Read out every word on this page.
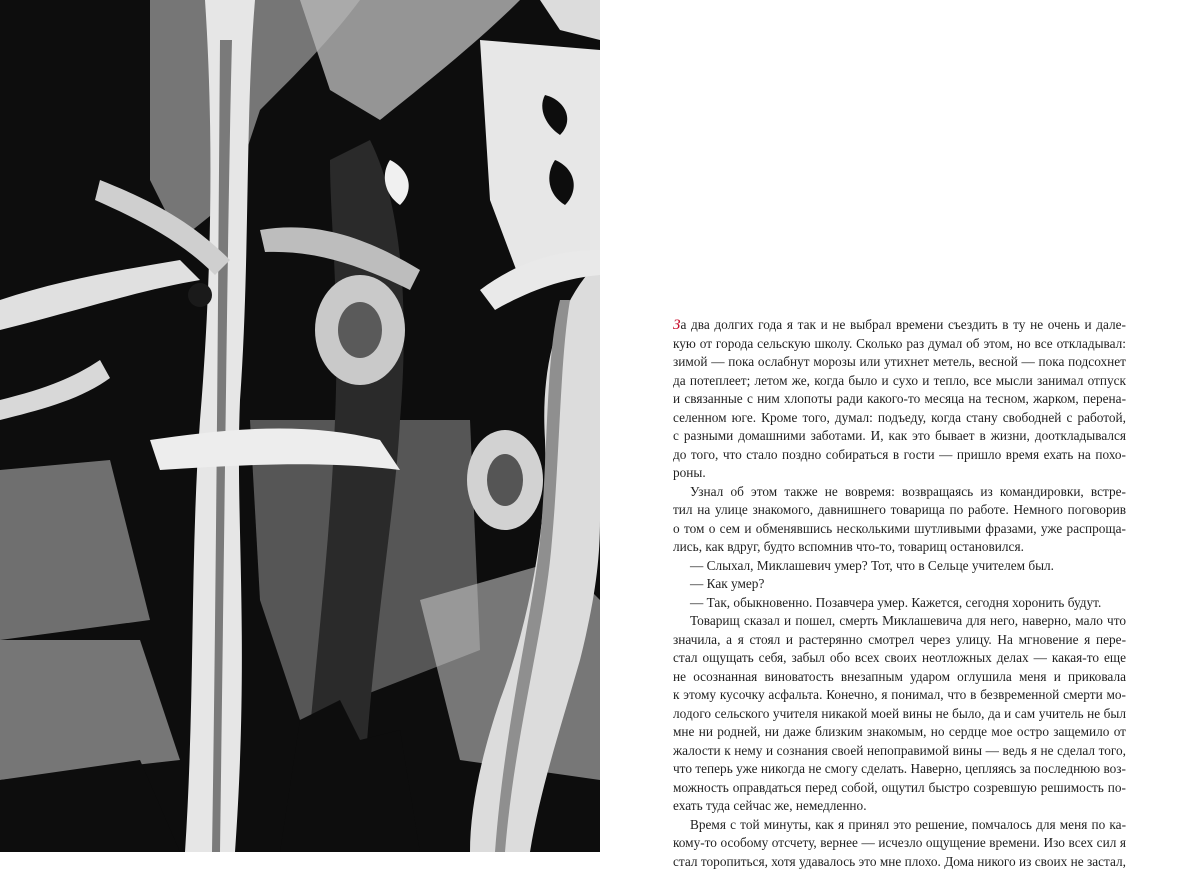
За два долгих года я так и не выбрал времени съездить в ту не очень и дале-
кую от города сельскую школу. Сколько раз думал об этом, но все откладывал:
зимой — пока ослабнут морозы или утихнет метель, весной — пока подсохнет
да потеплеет; летом же, когда было и сухо и тепло, все мысли занимал отпуск
и связанные с ним хлопоты ради какого-то месяца на тесном, жарком, перена-
селенном юге. Кроме того, думал: подъеду, когда стану свободней с работой,
с разными домашними заботами. И, как это бывает в жизни, дооткладывался
до того, что стало поздно собираться в гости — пришло время ехать на похо-
роны.
Узнал об этом также не вовремя: возвращаясь из командировки, встре-
тил на улице знакомого, давнишнего товарища по работе. Немного поговорив
о том о сем и обменявшись несколькими шутливыми фразами, уже распроща-
лись, как вдруг, будто вспомнив что-то, товарищ остановился.
— Слыхал, Миклашевич умер? Тот, что в Сельце учителем был.
— Как умер?
— Так, обыкновенно. Позавчера умер. Кажется, сегодня хоронить будут.
Товарищ сказал и пошел, смерть Миклашевича для него, наверно, мало что
значила, а я стоял и растерянно смотрел через улицу. На мгновение я пере-
стал ощущать себя, забыл обо всех своих неотложных делах — какая-то еще
не осознанная виноватость внезапным ударом оглушила меня и приковала
к этому кусочку асфальта. Конечно, я понимал, что в безвременной смерти мо-
лодого сельского учителя никакой моей вины не было, да и сам учитель не был
мне ни родней, ни даже близким знакомым, но сердце мое остро защемило от
жалости к нему и сознания своей непоправимой вины — ведь я не сделал того,
что теперь уже никогда не смогу сделать. Наверно, цепляясь за последнюю воз-
можность оправдаться перед собой, ощутил быстро созревшую решимость по-
ехать туда сейчас же, немедленно.
Время с той минуты, как я принял это решение, помчалось для меня по ка-
кому-то особому отсчету, вернее — исчезло ощущение времени. Изо всех сил я
стал торопиться, хотя удавалось это мне плохо. Дома никого из своих не застал,
